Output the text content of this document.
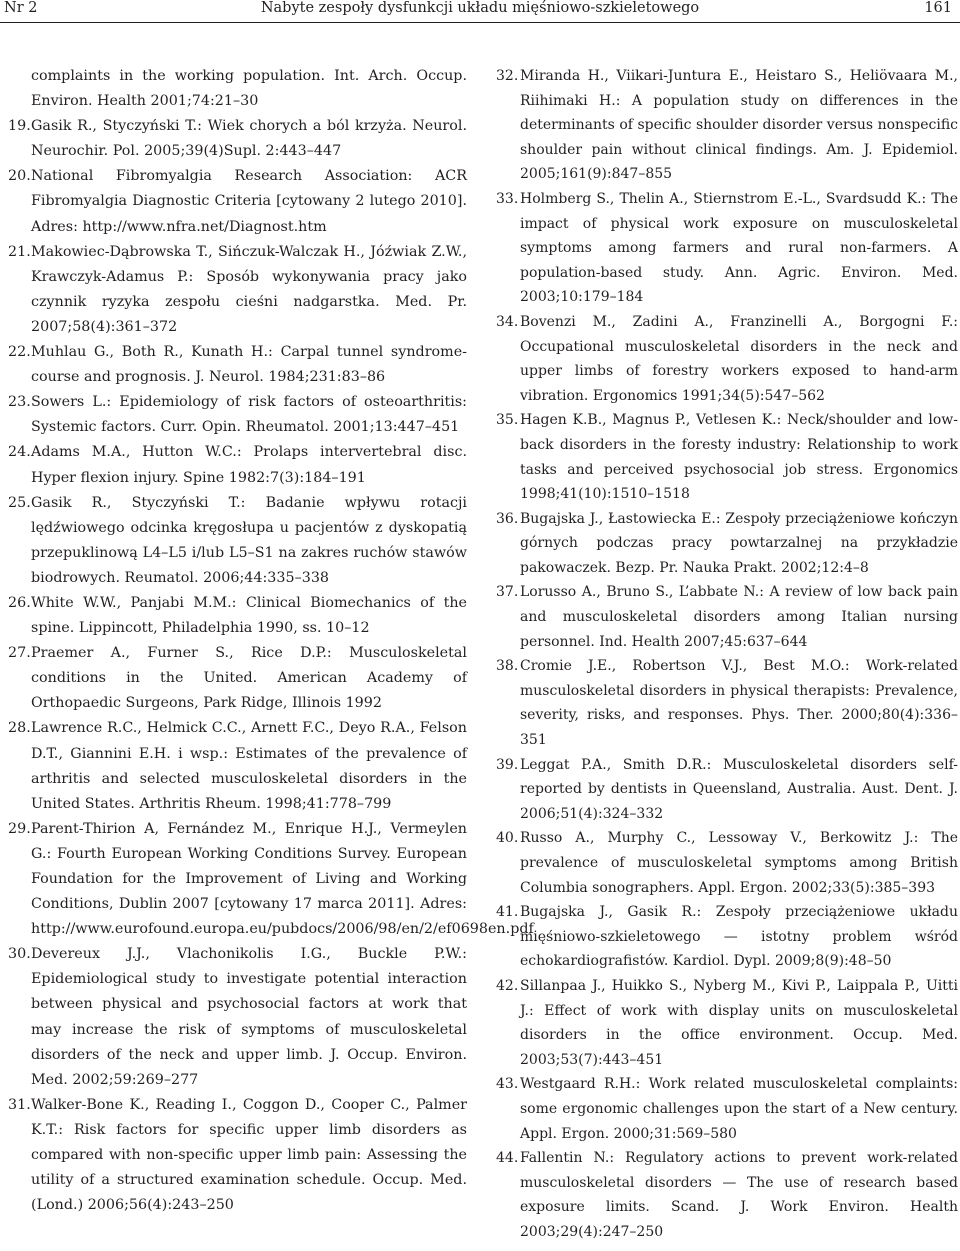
Nr 2	Nabyte zespoły dysfunkcji układu mięśniowo-szkieletowego	161
complaints in the working population. Int. Arch. Occup. Environ. Health 2001;74:21–30
19. Gasik R., Styczyński T.: Wiek chorych a ból krzyża. Neurol. Neurochir. Pol. 2005;39(4)Supl. 2:443–447
20. National Fibromyalgia Research Association: ACR Fibromyalgia Diagnostic Criteria [cytowany 2 lutego 2010]. Adres: http://www.nfra.net/Diagnost.htm
21. Makowiec-Dąbrowska T., Sińczuk-Walczak H., Jóźwiak Z.W., Krawczyk-Adamus P.: Sposób wykonywania pracy jako czynnik ryzyka zespołu cieśni nadgarstka. Med. Pr. 2007;58(4):361–372
22. Muhlau G., Both R., Kunath H.: Carpal tunnel syndrome-course and prognosis. J. Neurol. 1984;231:83–86
23. Sowers L.: Epidemiology of risk factors of osteoarthritis: Systemic factors. Curr. Opin. Rheumatol. 2001;13:447–451
24. Adams M.A., Hutton W.C.: Prolaps intervertebral disc. Hyper flexion injury. Spine 1982:7(3):184–191
25. Gasik R., Styczyński T.: Badanie wpływu rotacji lędźwiowego odcinka kręgosłupa u pacjentów z dyskopatią przepuklinową L4–L5 i/lub L5–S1 na zakres ruchów stawów biodrowych. Reumatol. 2006;44:335–338
26. White W.W., Panjabi M.M.: Clinical Biomechanics of the spine. Lippincott, Philadelphia 1990, ss. 10–12
27. Praemer A., Furner S., Rice D.P.: Musculoskeletal conditions in the United. American Academy of Orthopaedic Surgeons, Park Ridge, Illinois 1992
28. Lawrence R.C., Helmick C.C., Arnett F.C., Deyo R.A., Felson D.T., Giannini E.H. i wsp.: Estimates of the prevalence of arthritis and selected musculoskeletal disorders in the United States. Arthritis Rheum. 1998;41:778–799
29. Parent-Thirion A, Fernández M., Enrique H.J., Vermeylen G.: Fourth European Working Conditions Survey. European Foundation for the Improvement of Living and Working Conditions, Dublin 2007 [cytowany 17 marca 2011]. Adres: http://www.eurofound.europa.eu/pubdocs/2006/98/en/2/ef0698en.pdf
30. Devereux J.J., Vlachonikolis I.G., Buckle P.W.: Epidemiological study to investigate potential interaction between physical and psychosocial factors at work that may increase the risk of symptoms of musculoskeletal disorders of the neck and upper limb. J. Occup. Environ. Med. 2002;59:269–277
31. Walker-Bone K., Reading I., Coggon D., Cooper C., Palmer K.T.: Risk factors for specific upper limb disorders as compared with non-specific upper limb pain: Assessing the utility of a structured examination schedule. Occup. Med. (Lond.) 2006;56(4):243–250
32. Miranda H., Viikari-Juntura E., Heistaro S., Heliövaara M., Riihimaki H.: A population study on differences in the determinants of specific shoulder disorder versus nonspecific shoulder pain without clinical findings. Am. J. Epidemiol. 2005;161(9):847–855
33. Holmberg S., Thelin A., Stiernstrom E.-L., Svardsudd K.: The impact of physical work exposure on musculoskeletal symptoms among farmers and rural non-farmers. A population-based study. Ann. Agric. Environ. Med. 2003;10:179–184
34. Bovenzi M., Zadini A., Franzinelli A., Borgogni F.: Occupational musculoskeletal disorders in the neck and upper limbs of forestry workers exposed to hand-arm vibration. Ergonomics 1991;34(5):547–562
35. Hagen K.B., Magnus P., Vetlesen K.: Neck/shoulder and low-back disorders in the foresty industry: Relationship to work tasks and perceived psychosocial job stress. Ergonomics 1998;41(10):1510–1518
36. Bugajska J., Łastowiecka E.: Zespoły przeciążeniowe kończyn górnych podczas pracy powtarzalnej na przykładzie pakowaczek. Bezp. Pr. Nauka Prakt. 2002;12:4–8
37. Lorusso A., Bruno S., L’abbate N.: A review of low back pain and musculoskeletal disorders among Italian nursing personnel. Ind. Health 2007;45:637–644
38. Cromie J.E., Robertson V.J., Best M.O.: Work-related musculoskeletal disorders in physical therapists: Prevalence, severity, risks, and responses. Phys. Ther. 2000;80(4):336–351
39. Leggat P.A., Smith D.R.: Musculoskeletal disorders self-reported by dentists in Queensland, Australia. Aust. Dent. J. 2006;51(4):324–332
40. Russo A., Murphy C., Lessoway V., Berkowitz J.: The prevalence of musculoskeletal symptoms among British Columbia sonographers. Appl. Ergon. 2002;33(5):385–393
41. Bugajska J., Gasik R.: Zespoły przeciążeniowe układu mięśniowo-szkieletowego — istotny problem wśród echokardiografistów. Kardiol. Dypl. 2009;8(9):48–50
42. Sillanpaa J., Huikko S., Nyberg M., Kivi P., Laippala P., Uitti J.: Effect of work with display units on musculoskeletal disorders in the office environment. Occup. Med. 2003;53(7):443–451
43. Westgaard R.H.: Work related musculoskeletal complaints: some ergonomic challenges upon the start of a New century. Appl. Ergon. 2000;31:569–580
44. Fallentin N.: Regulatory actions to prevent work-related musculoskeletal disorders — The use of research based exposure limits. Scand. J. Work Environ. Health 2003;29(4):247–250
